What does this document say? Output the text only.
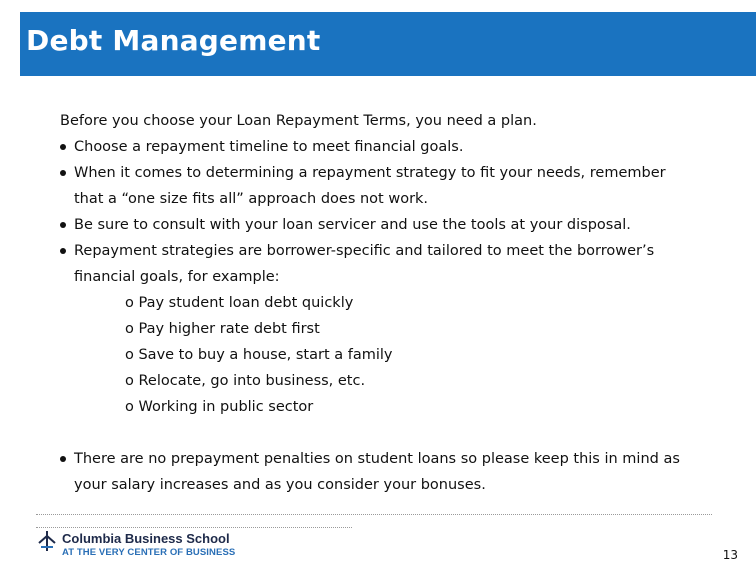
Debt Management
Before you choose your Loan Repayment Terms, you need a plan.
Choose a repayment timeline to meet financial goals.
When it comes to determining a repayment strategy to fit your needs, remember
that a “one size fits all” approach does not work.
Be sure to consult with your loan servicer and use the tools at your disposal.
Repayment strategies are borrower-specific and tailored to meet the borrower’s
financial goals, for example:
o Pay student loan debt quickly
o Pay higher rate debt first
o Save to buy a house, start a family
o Relocate, go into business, etc.
o Working in public sector
There are no prepayment penalties on student loans so please keep this in mind as
your salary increases and as you consider your bonuses.
Columbia Business School
AT THE VERY CENTER OF BUSINESS	13
